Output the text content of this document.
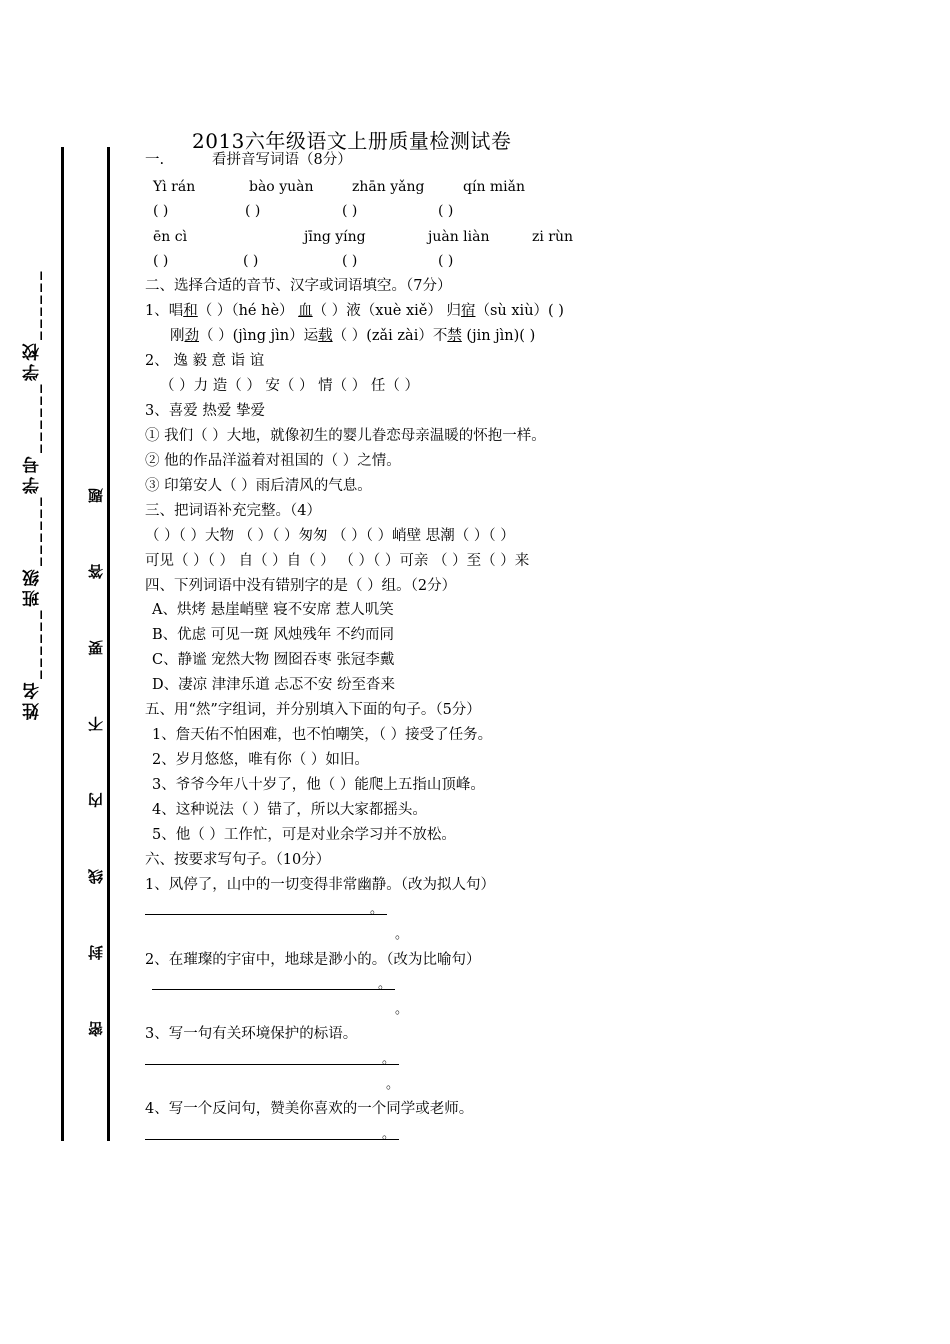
姓名______班级______学号______学校______	密 封 线 内 不 要 答 题
2013六年级语文上册质量检测试卷
一.	看拼音写词语（8分）
Yì rán	bào yuàn	zhān yǎng	qín miǎn
( )	( )	( )	( )
ēn cì	jīng yíng	juàn liàn	zi rùn
( )	( )	( )	( )
二、选择合适的音节、汉字或词语填空。（7分）
1、唱和（ ）（hé hè） 血（ ）液（xuè xiě） 归宿（sù xiù）( )
刚劲（ ）(jìng jìn）运载（ ）(zǎi zài）不禁 (jin jìn)( )
2、 逸 毅 意 诣 谊
（ ）力 造（ ） 安（ ） 情（ ） 任（ ）
3、喜爱 热爱 挚爱
① 我们（ ）大地，就像初生的婴儿眷恋母亲温暖的怀抱一样。
② 他的作品洋溢着对祖国的（ ）之情。
③ 印第安人（ ）雨后清风的气息。
三、把词语补充完整。（4）
（ ）（ ）大物 （ ）（ ）匆匆 （ ）（ ）峭壁 思潮（ ）（ ）
可见（ ）（ ） 自（ ）自（ ） （ ）（ ）可亲 （ ）至（ ）来
四、下列词语中没有错别字的是（ ）组。（2分）
A、烘烤 悬崖峭壁 寝不安席 惹人叽笑
B、优虑 可见一斑 风烛残年 不约而同
C、静谧 宠然大物 囫囵吞枣 张冠李戴
D、凄凉 津津乐道 忐忑不安 纷至沓来
五、用“然”字组词，并分别填入下面的句子。（5分）
1、詹天佑不怕困难，也不怕嘲笑，（ ）接受了任务。
2、岁月悠悠，唯有你（ ）如旧。
3、爷爷今年八十岁了，他（ ）能爬上五指山顶峰。
4、这种说法（ ）错了，所以大家都摇头。
5、他（ ）工作忙，可是对业余学习并不放松。
六、按要求写句子。（10分）
1、风停了，山中的一切变得非常幽静。（改为拟人句）
。
。
2、在璀璨的宇宙中，地球是渺小的。（改为比喻句）
。
。
3、写一句有关环境保护的标语。
。
。
4、写一个反问句，赞美你喜欢的一个同学或老师。
。
